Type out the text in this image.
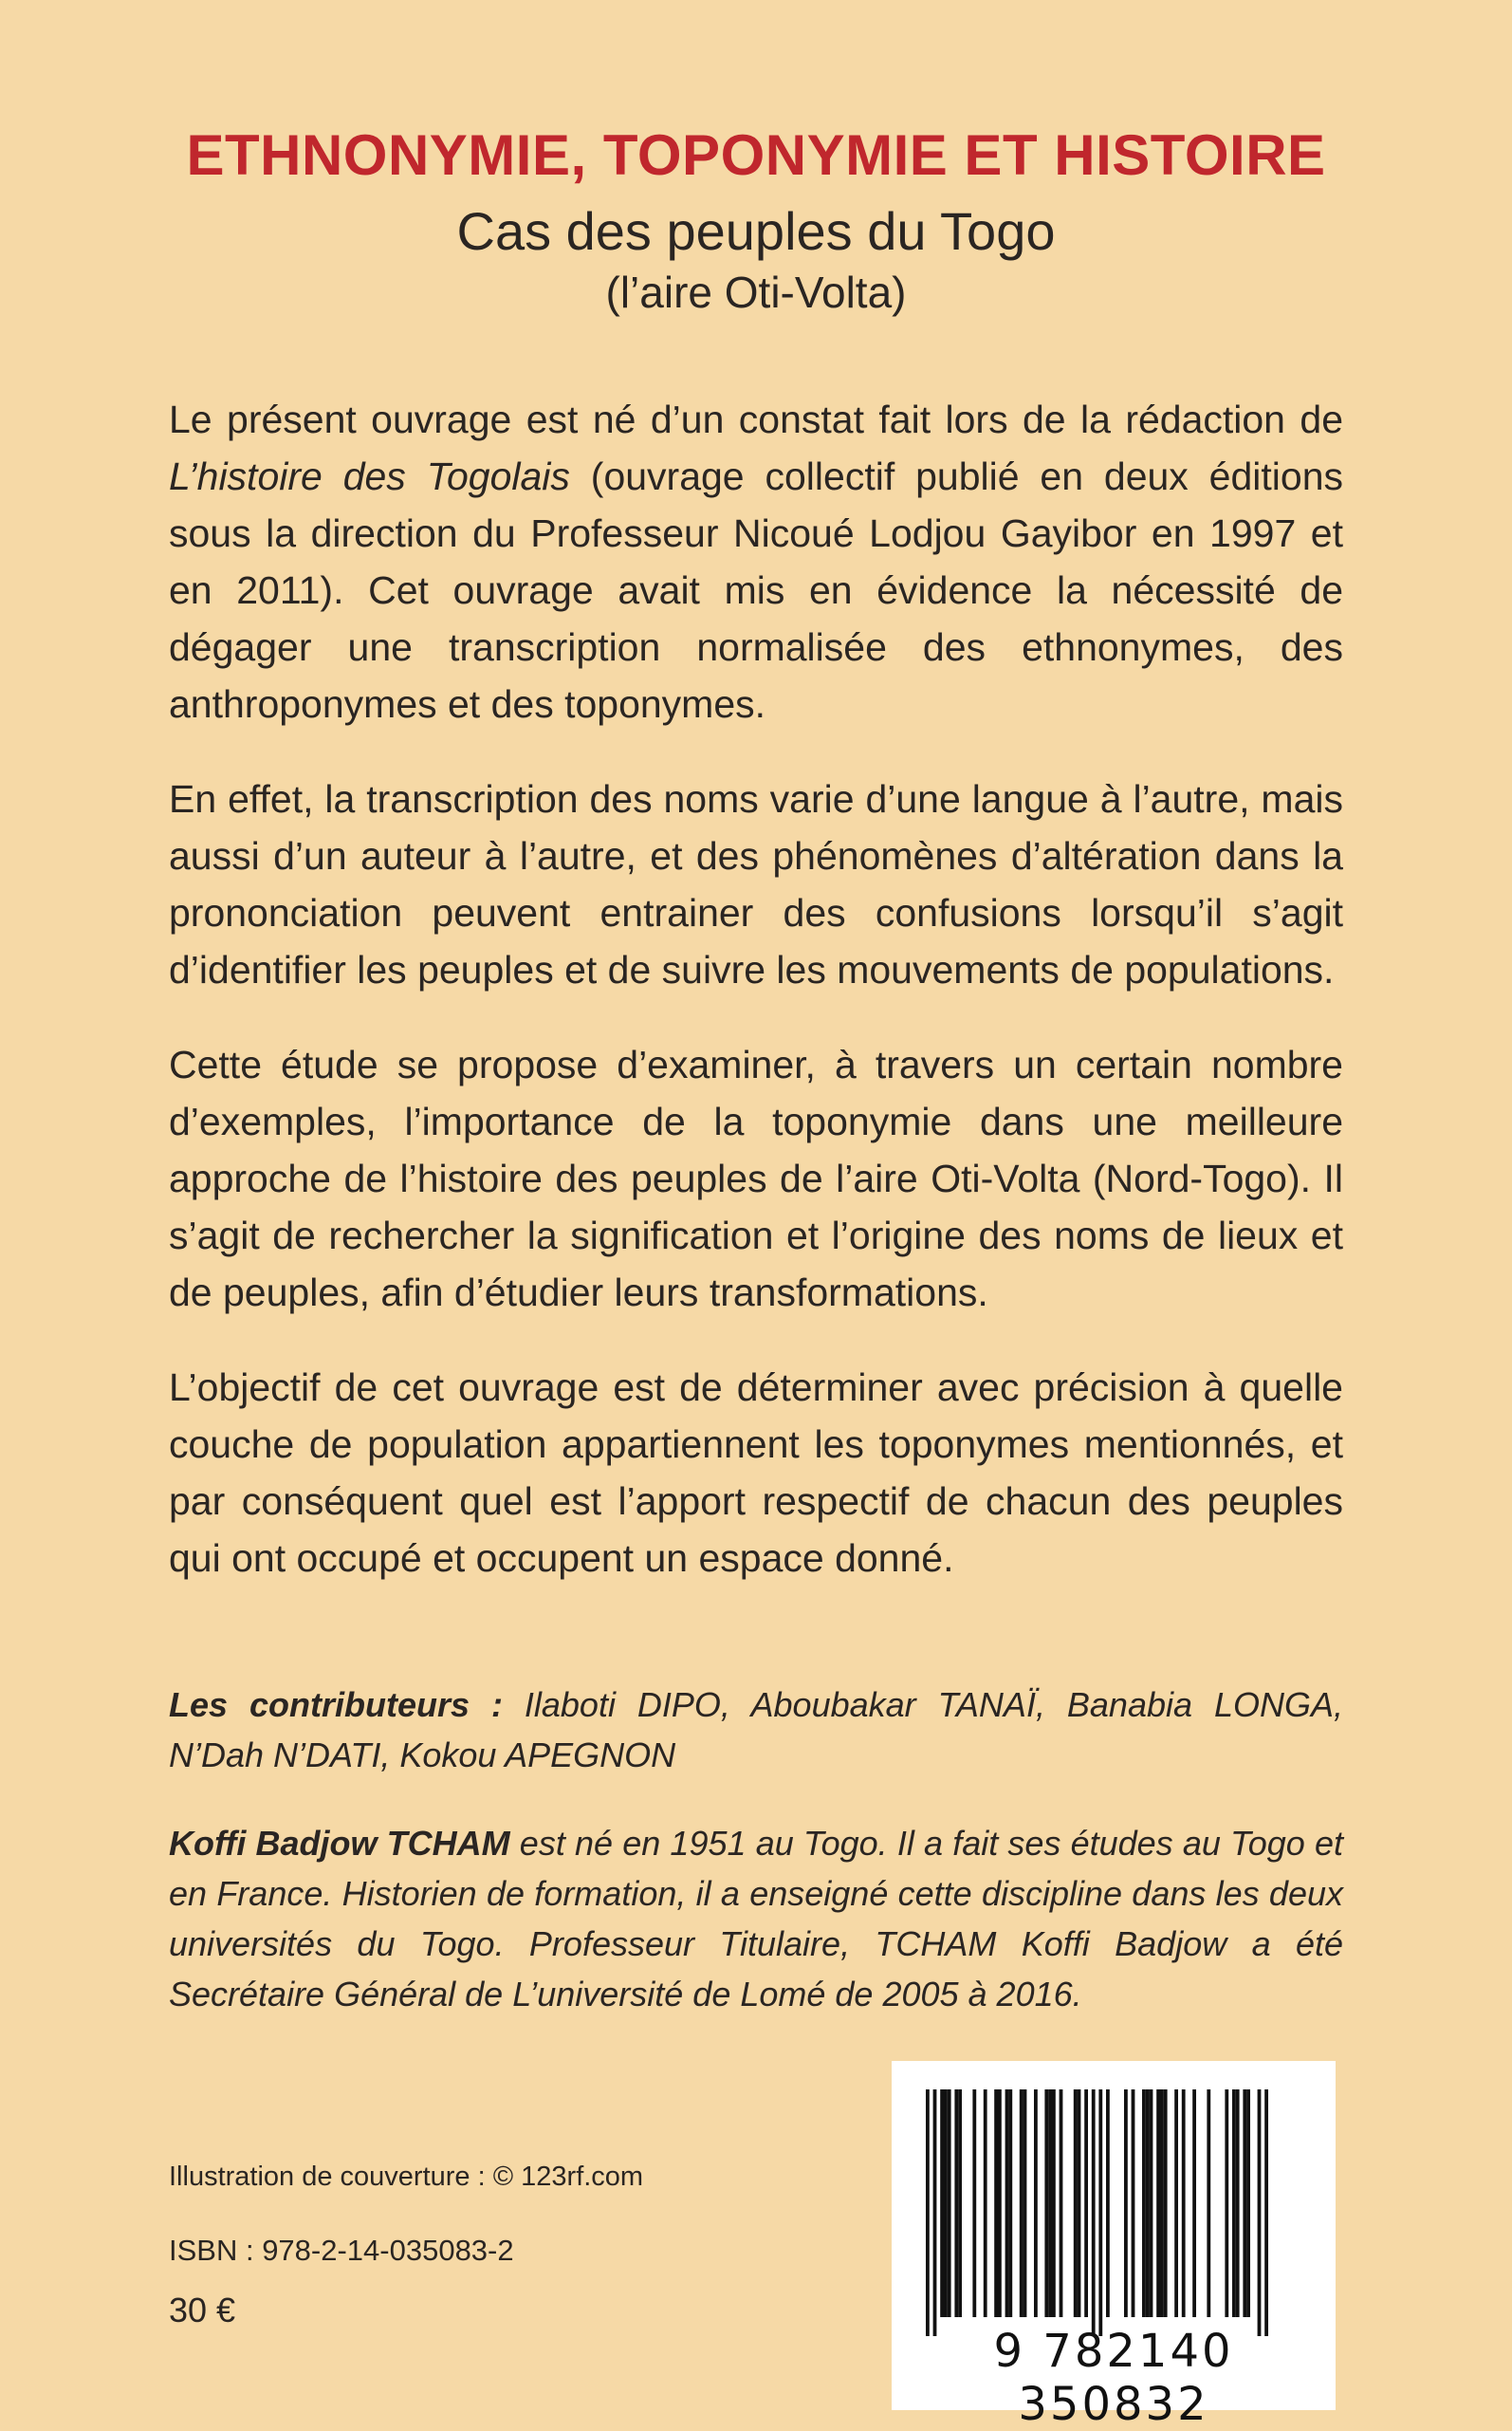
ETHNONYMIE, TOPONYMIE ET HISTOIRE
Cas des peuples du Togo
(l’aire Oti-Volta)

Le présent ouvrage est né d’un constat fait lors de la rédaction de L’histoire des Togolais (ouvrage collectif publié en deux éditions sous la direction du Professeur Nicoué Lodjou Gayibor en 1997 et en 2011). Cet ouvrage avait mis en évidence la nécessité de dégager une transcription normalisée des ethnonymes, des anthroponymes et des toponymes.

En effet, la transcription des noms varie d’une langue à l’autre, mais aussi d’un auteur à l’autre, et des phénomènes d’altération dans la prononciation peuvent entrainer des confusions lorsqu’il s’agit d’identifier les peuples et de suivre les mouvements de populations.

Cette étude se propose d’examiner, à travers un certain nombre d’exemples, l’importance de la toponymie dans une meilleure approche de l’histoire des peuples de l’aire Oti-Volta (Nord-Togo). Il s’agit de rechercher la signification et l’origine des noms de lieux et de peuples, afin d’étudier leurs transformations.

L’objectif de cet ouvrage est de déterminer avec précision à quelle couche de population appartiennent les toponymes mentionnés, et par conséquent quel est l’apport respectif de chacun des peuples qui ont occupé et occupent un espace donné.

Les contributeurs : Ilaboti DIPO, Aboubakar TANAÏ, Banabia LONGA, N’Dah N’DATI, Kokou APEGNON

Koffi Badjow TCHAM est né en 1951 au Togo. Il a fait ses études au Togo et en France. Historien de formation, il a enseigné cette discipline dans les deux universités du Togo. Professeur Titulaire, TCHAM Koffi Badjow a été Secrétaire Général de L’université de Lomé de 2005 à 2016.

Illustration de couverture : © 123rf.com
ISBN : 978-2-14-035083-2
30 €
9 782140 350832
